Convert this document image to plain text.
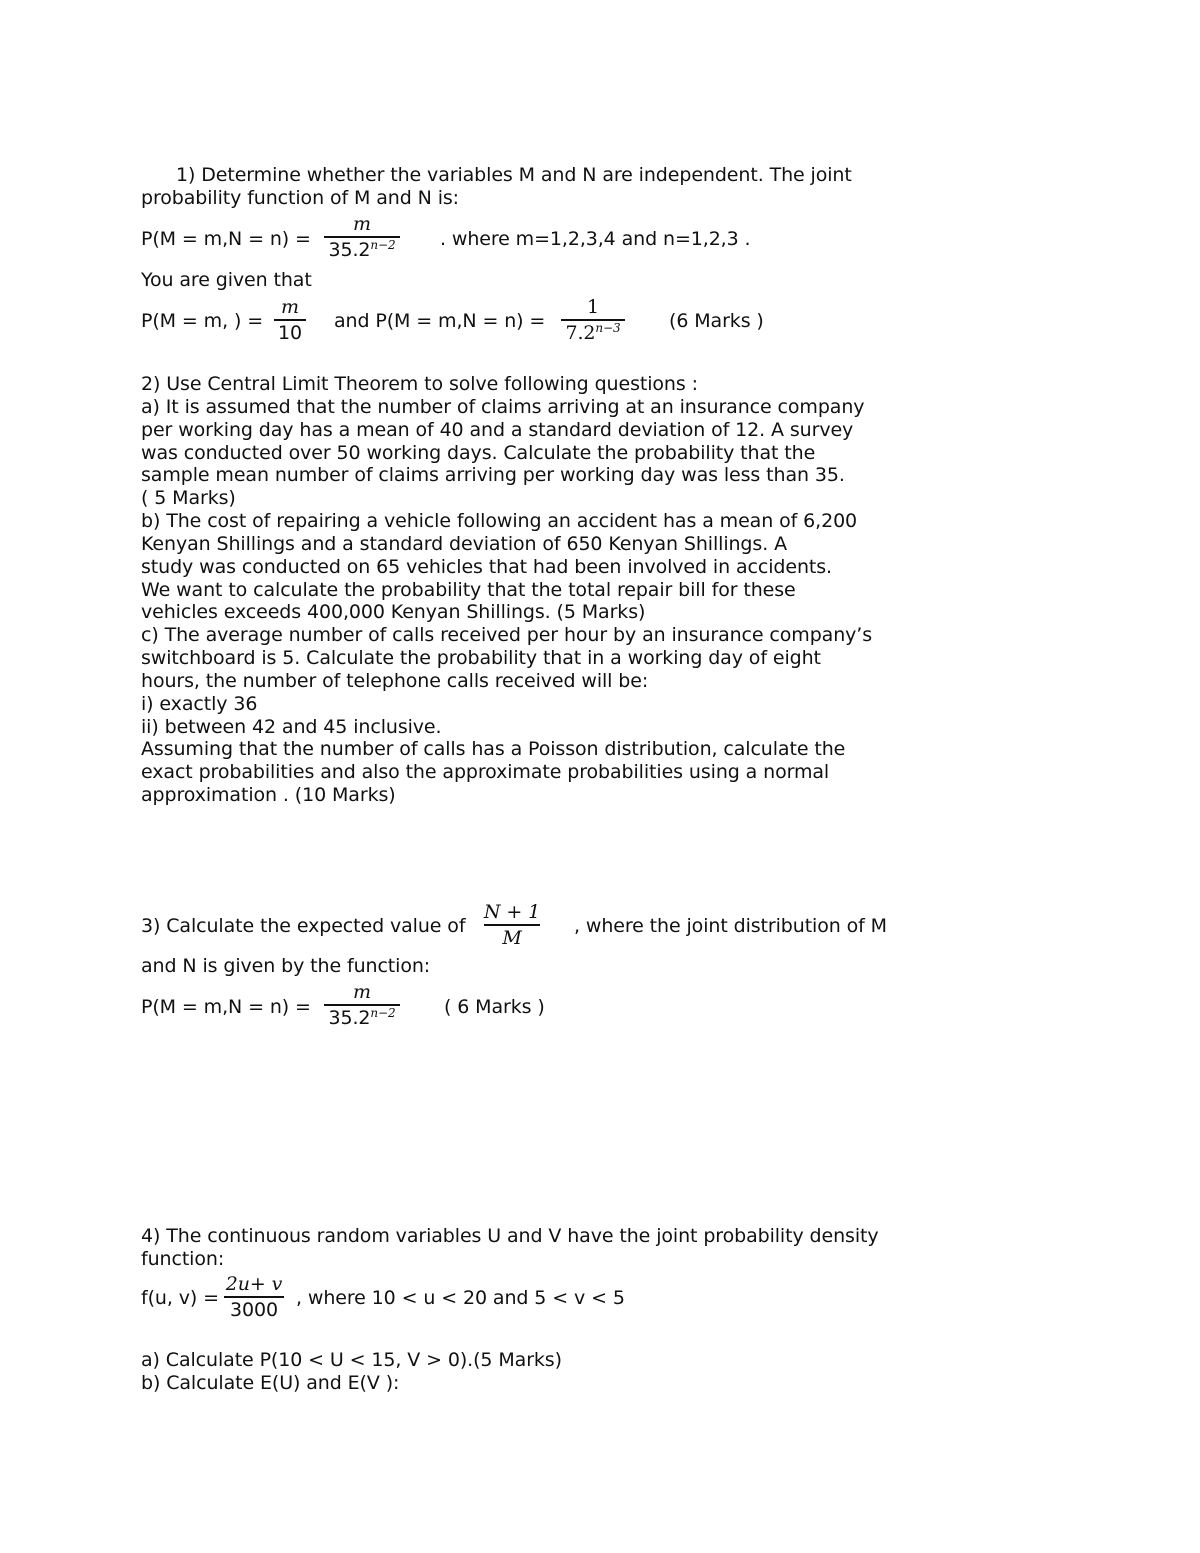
1) Determine whether the variables M and N are independent. The joint
probability function of M and N is:
P(M = m,N = n) =
m
$35.2^{n-2}$ . where m=1,2,3,4 and n=1,2,3 .
You are given that
P(M = m, ) =
m
10
and P(M = m,N = n) =
1
$7.2^{n-3}$	(6 Marks )
2) Use Central Limit Theorem to solve following questions :
a) It is assumed that the number of claims arriving at an insurance company
per working day has a mean of 40 and a standard deviation of 12. A survey
was conducted over 50 working days. Calculate the probability that the
sample mean number of claims arriving per working day was less than 35.
( 5 Marks)
b) The cost of repairing a vehicle following an accident has a mean of 6,200
Kenyan Shillings and a standard deviation of 650 Kenyan Shillings. A
study was conducted on 65 vehicles that had been involved in accidents.
We want to calculate the probability that the total repair bill for these
vehicles exceeds 400,000 Kenyan Shillings. (5 Marks)
c) The average number of calls received per hour by an insurance company’s
switchboard is 5. Calculate the probability that in a working day of eight
hours, the number of telephone calls received will be:
i) exactly 36
ii) between 42 and 45 inclusive.
Assuming that the number of calls has a Poisson distribution, calculate the
exact probabilities and also the approximate probabilities using a normal
approximation . (10 Marks)
3) Calculate the expected value of
N + 1
M
, where the joint distribution of M
and N is given by the function:
P(M = m,N = n) =
m
$35.2^{n-2}$	( 6 Marks )
4) The continuous random variables U and V have the joint probability density
function:
f(u, v) =
2u+ v
3000
, where 10 < u < 20 and 5 < v < 5
a) Calculate P(10 < U < 15, V > 0).(5 Marks)
b) Calculate E(U) and E(V ):
